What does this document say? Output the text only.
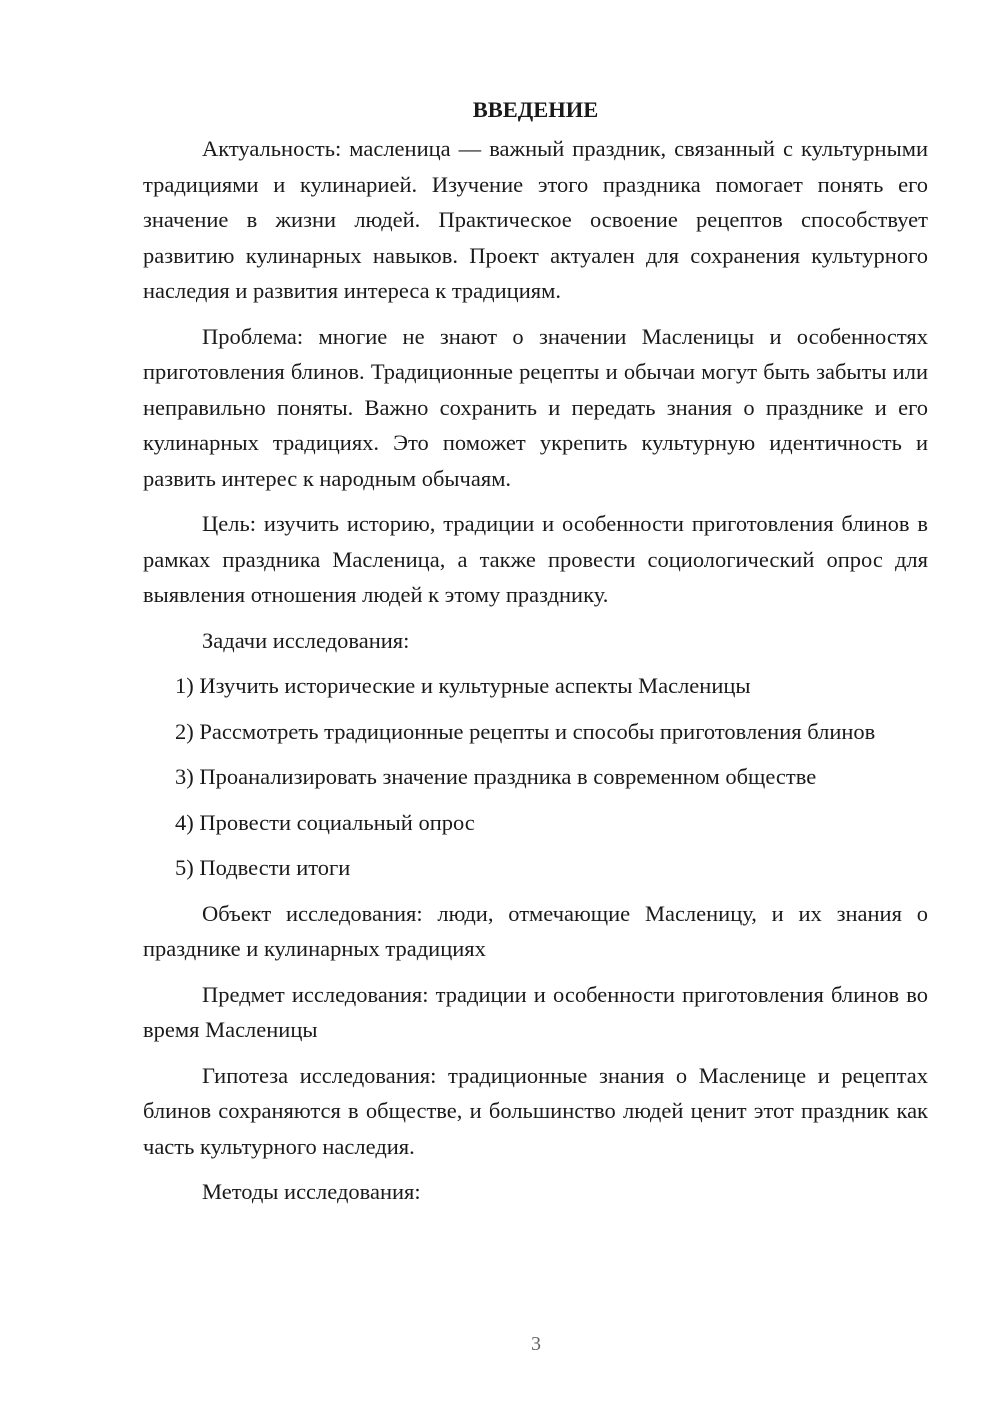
ВВЕДЕНИЕ

Актуальность: масленица — важный праздник, связанный с культурными традициями и кулинарией. Изучение этого праздника помогает понять его значение в жизни людей. Практическое освоение рецептов способствует развитию кулинарных навыков. Проект актуален для сохранения культурного наследия и развития интереса к традициям.

Проблема: многие не знают о значении Масленицы и особенностях приготовления блинов. Традиционные рецепты и обычаи могут быть забыты или неправильно поняты. Важно сохранить и передать знания о празднике и его кулинарных традициях. Это поможет укрепить культурную идентичность и развить интерес к народным обычаям.

Цель: изучить историю, традиции и особенности приготовления блинов в рамках праздника Масленица, а также провести социологический опрос для выявления отношения людей к этому празднику.

Задачи исследования:

1) Изучить исторические и культурные аспекты Масленицы

2) Рассмотреть традиционные рецепты и способы приготовления блинов

3) Проанализировать значение праздника в современном обществе

4) Провести социальный опрос

5) Подвести итоги

Объект исследования: люди, отмечающие Масленицу, и их знания о празднике и кулинарных традициях

Предмет исследования: традиции и особенности приготовления блинов во время Масленицы

Гипотеза исследования: традиционные знания о Масленице и рецептах блинов сохраняются в обществе, и большинство людей ценит этот праздник как часть культурного наследия.

Методы исследования:

3
